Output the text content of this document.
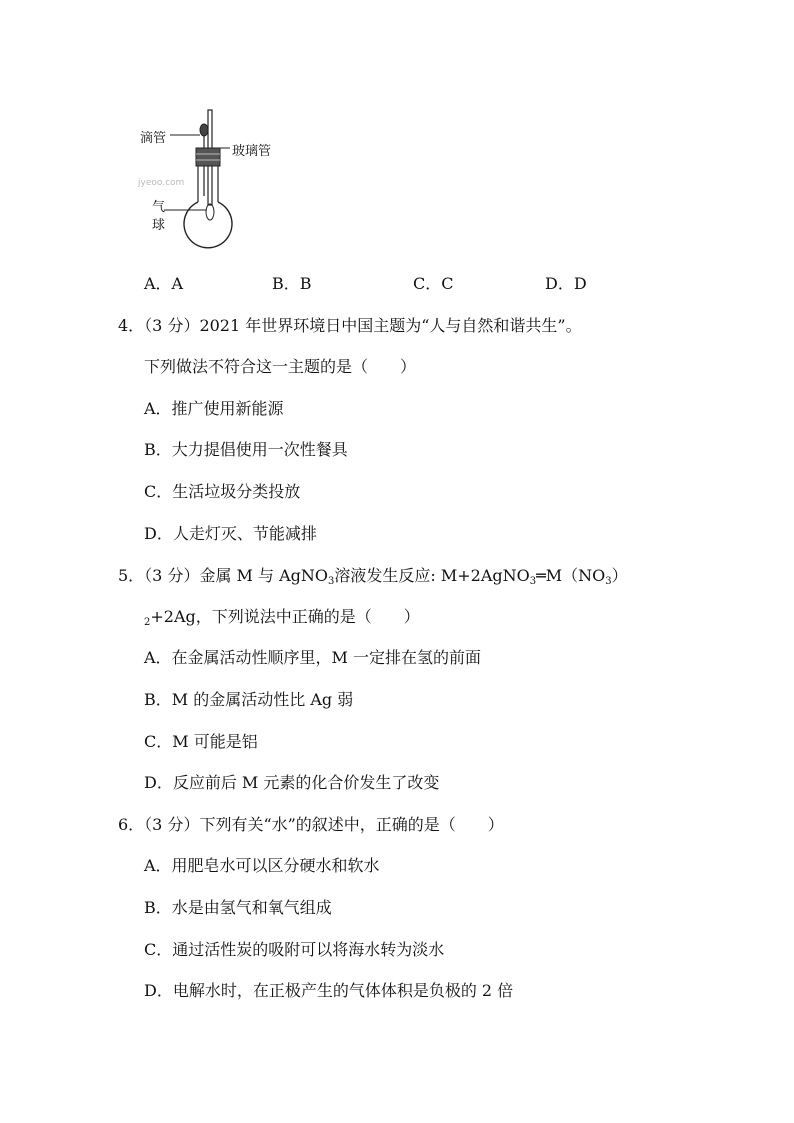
滴管
玻璃管
jyeoo.com
气
球
A．A	B．B	C．C	D．D
4．（3 分）2021 年世界环境日中国主题为“人与自然和谐共生”。
下列做法不符合这一主题的是（　　）
A．推广使用新能源
B．大力提倡使用一次性餐具
C．生活垃圾分类投放
D．人走灯灭、节能减排
5．（3 分）金属 M 与 AgNO$_3$溶液发生反应: $M+2AgNO_3═M(NO_3)$
$_2$+2Ag，下列说法中正确的是（　　）
A．在金属活动性顺序里，M 一定排在氢的前面
B．M 的金属活动性比 Ag 弱
C．M 可能是铝
D．反应前后 M 元素的化合价发生了改变
6．（3 分）下列有关“水”的叙述中，正确的是（　　）
A．用肥皂水可以区分硬水和软水
B．水是由氢气和氧气组成
C．通过活性炭的吸附可以将海水转为淡水
D．电解水时，在正极产生的气体体积是负极的 2 倍
